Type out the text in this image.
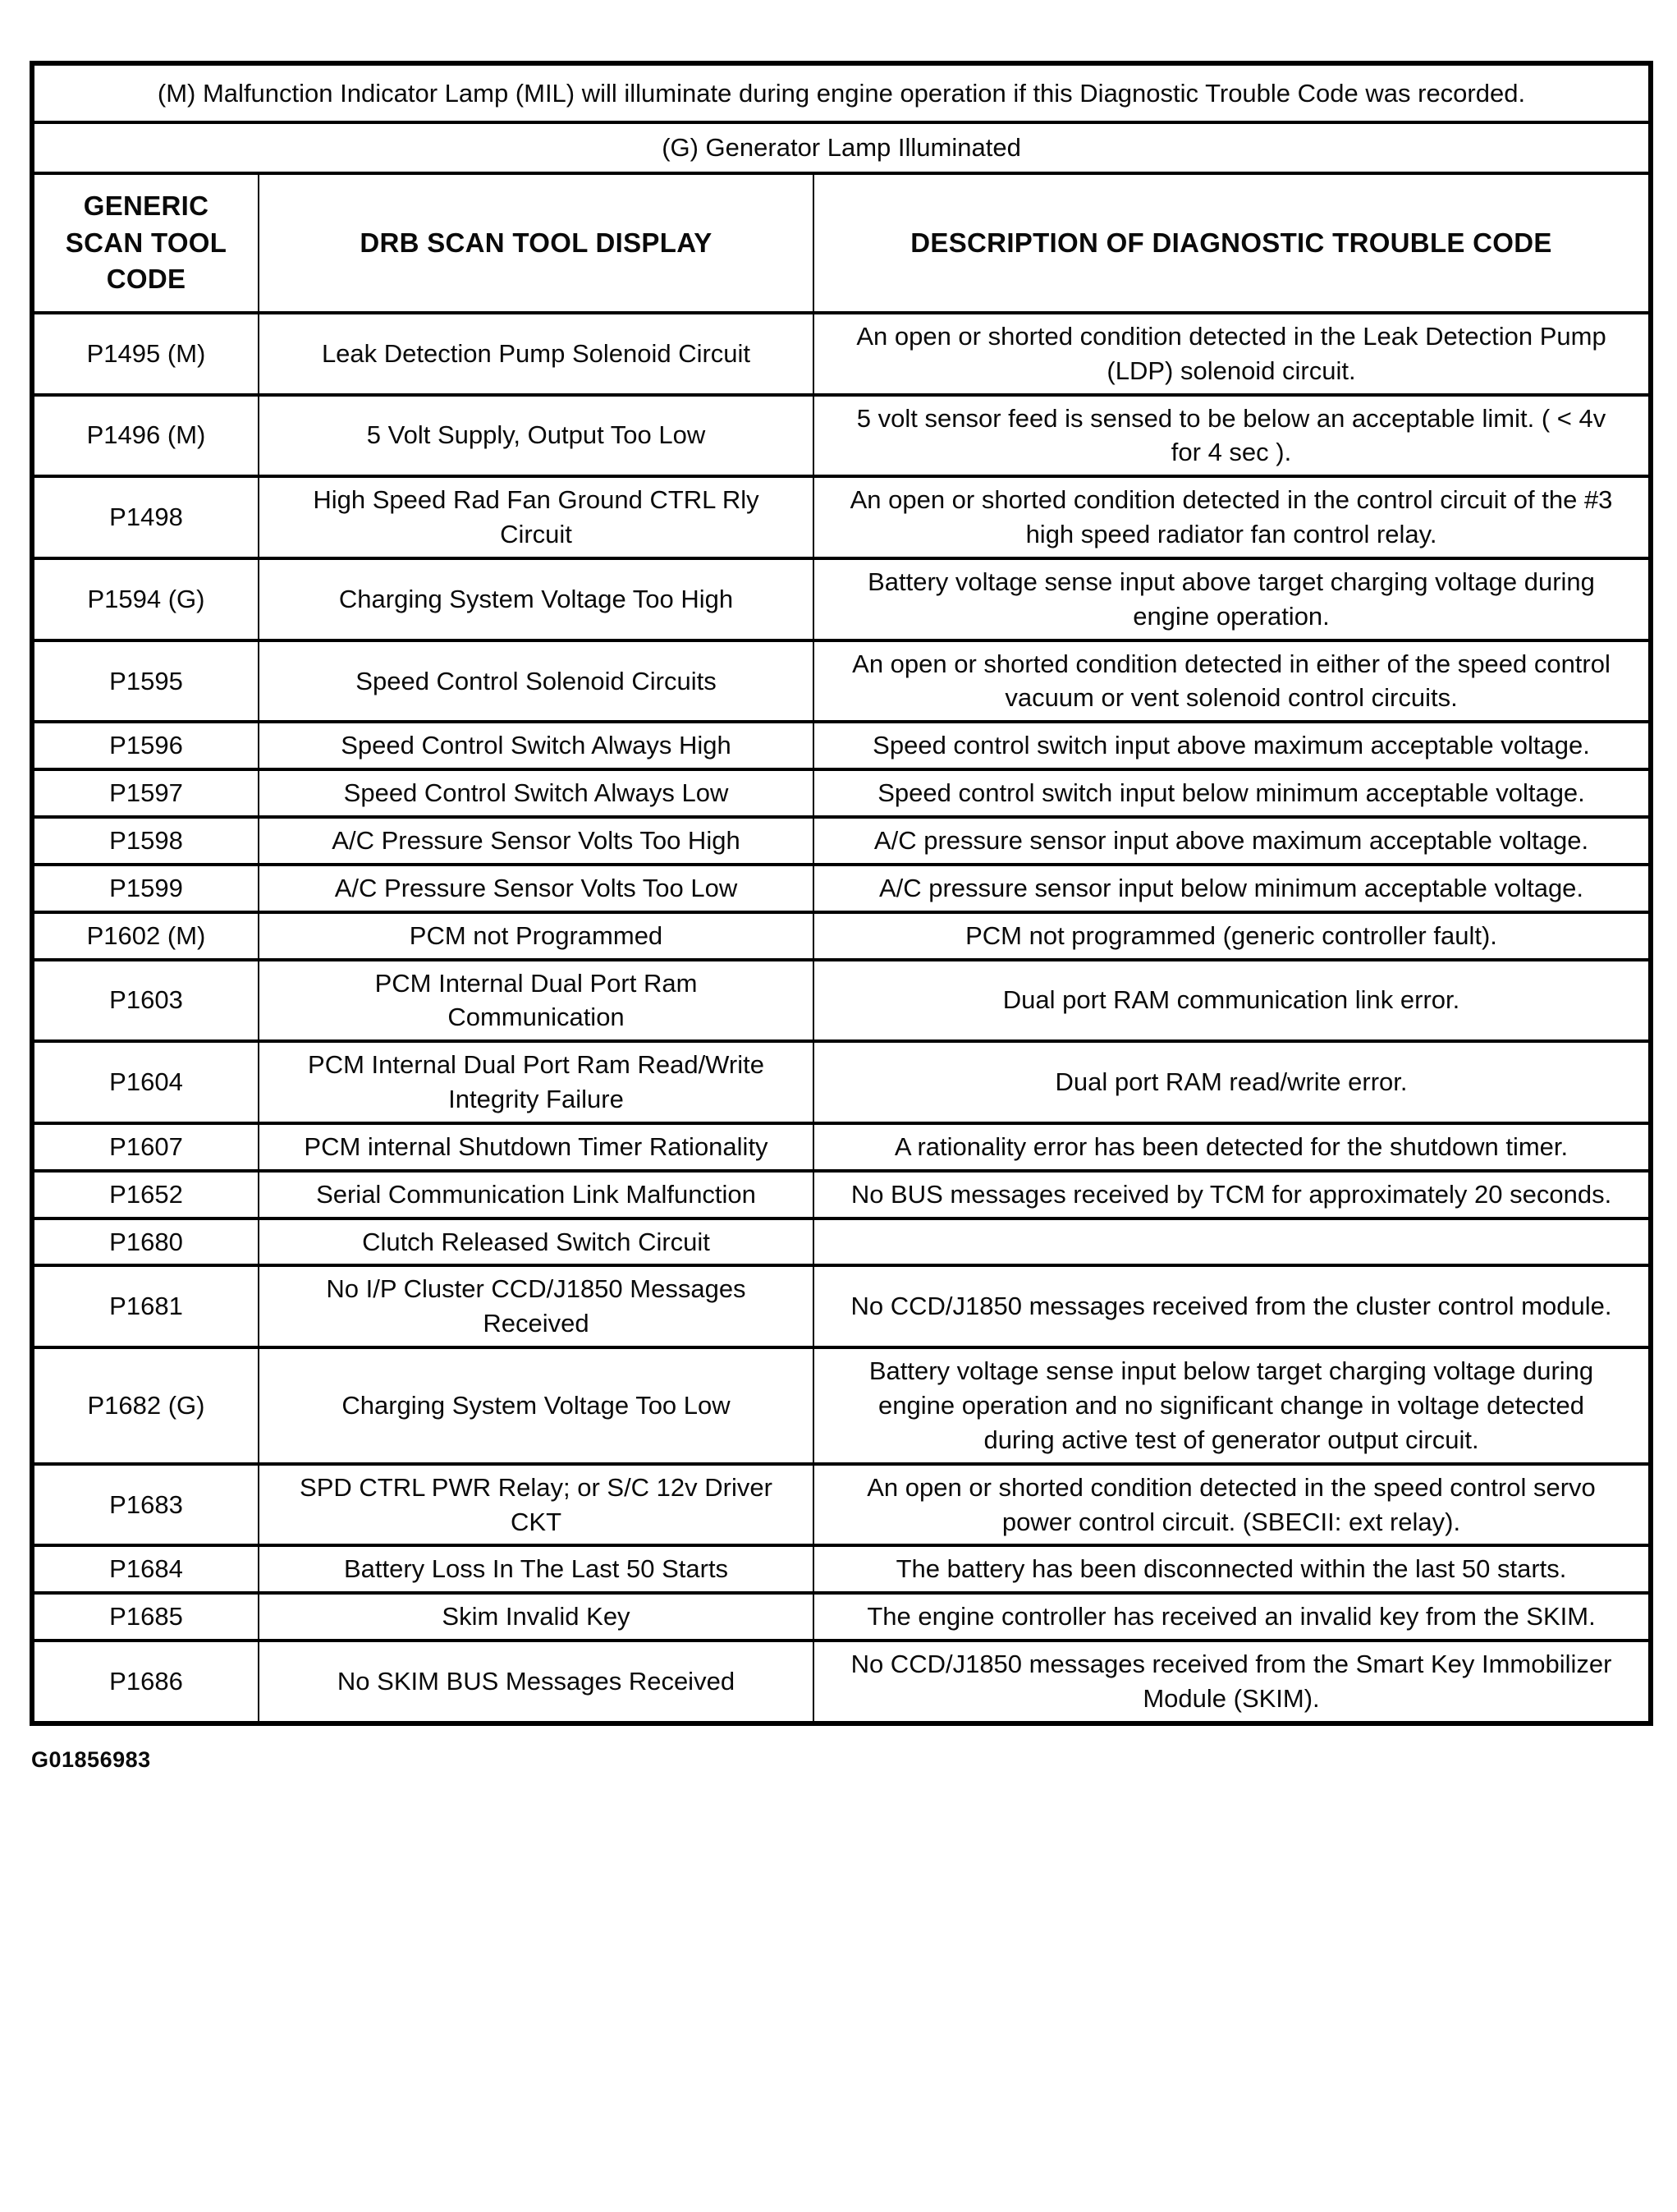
(M) Malfunction Indicator Lamp (MIL) will illuminate during engine operation if this Diagnostic Trouble Code was recorded.		
(G) Generator Lamp Illuminated		
GENERIC SCAN TOOL CODE	DRB SCAN TOOL DISPLAY	DESCRIPTION OF DIAGNOSTIC TROUBLE CODE
P1495 (M)	Leak Detection Pump Solenoid Circuit	An open or shorted condition detected in the Leak Detection Pump (LDP) solenoid circuit.
P1496 (M)	5 Volt Supply, Output Too Low	5 volt sensor feed is sensed to be below an acceptable limit. ( < 4v for 4 sec ).
P1498	High Speed Rad Fan Ground CTRL Rly Circuit	An open or shorted condition detected in the control circuit of the #3 high speed radiator fan control relay.
P1594 (G)	Charging System Voltage Too High	Battery voltage sense input above target charging voltage during engine operation.
P1595	Speed Control Solenoid Circuits	An open or shorted condition detected in either of the speed control vacuum or vent solenoid control circuits.
P1596	Speed Control Switch Always High	Speed control switch input above maximum acceptable voltage.
P1597	Speed Control Switch Always Low	Speed control switch input below minimum acceptable voltage.
P1598	A/C Pressure Sensor Volts Too High	A/C pressure sensor input above maximum acceptable voltage.
P1599	A/C Pressure Sensor Volts Too Low	A/C pressure sensor input below minimum acceptable voltage.
P1602 (M)	PCM not Programmed	PCM not programmed (generic controller fault).
P1603	PCM Internal Dual Port Ram Communication	Dual port RAM communication link error.
P1604	PCM Internal Dual Port Ram Read/Write Integrity Failure	Dual port RAM read/write error.
P1607	PCM internal Shutdown Timer Rationality	A rationality error has been detected for the shutdown timer.
P1652	Serial Communication Link Malfunction	No BUS messages received by TCM for approximately 20 seconds.
P1680	Clutch Released Switch Circuit	
P1681	No I/P Cluster CCD/J1850 Messages Received	No CCD/J1850 messages received from the cluster control module.
P1682 (G)	Charging System Voltage Too Low	Battery voltage sense input below target charging voltage during engine operation and no significant change in voltage detected during active test of generator output circuit.
P1683	SPD CTRL PWR Relay; or S/C 12v Driver CKT	An open or shorted condition detected in the speed control servo power control circuit. (SBECII: ext relay).
P1684	Battery Loss In The Last 50 Starts	The battery has been disconnected within the last 50 starts.
P1685	Skim Invalid Key	The engine controller has received an invalid key from the SKIM.
P1686	No SKIM BUS Messages Received	No CCD/J1850 messages received from the Smart Key Immobilizer Module (SKIM).
G01856983
